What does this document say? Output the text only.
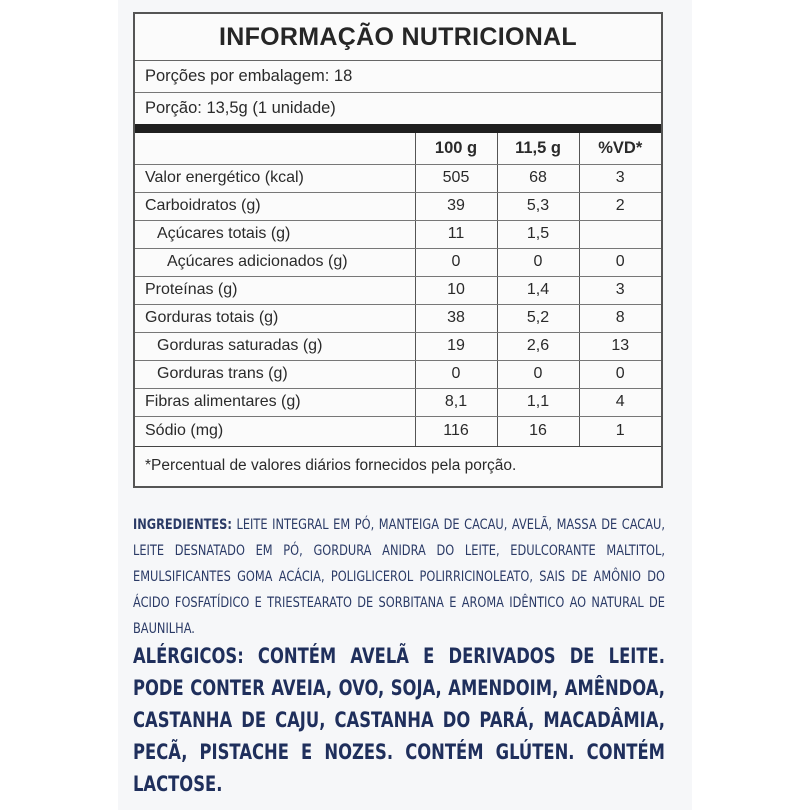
INFORMAÇÃO NUTRICIONAL
Porções por embalagem: 18
Porção: 13,5g (1 unidade)
	100 g	11,5 g	%VD*
Valor energético (kcal)	505	68	3
Carboidratos (g)	39	5,3	2
Açúcares totais (g)	11	1,5	
Açúcares adicionados (g)	0	0	0
Proteínas (g)	10	1,4	3
Gorduras totais (g)	38	5,2	8
Gorduras saturadas (g)	19	2,6	13
Gorduras trans (g)	0	0	0
Fibras alimentares (g)	8,1	1,1	4
Sódio (mg)	116	16	1
*Percentual de valores diários fornecidos pela porção.
INGREDIENTES: LEITE INTEGRAL EM PÓ, MANTEIGA DE CACAU, AVELÃ, MASSA DE CACAU, LEITE DESNATADO EM PÓ, GORDURA ANIDRA DO LEITE, EDULCORANTE MALTITOL, EMULSIFICANTES GOMA ACÁCIA, POLIGLICEROL POLIRRICINOLEATO, SAIS DE AMÔNIO DO ÁCIDO FOSFATÍDICO E TRIESTEARATO DE SORBITANA E AROMA IDÊNTICO AO NATURAL DE BAUNILHA.
ALÉRGICOS: CONTÉM AVELÃ E DERIVADOS DE LEITE. PODE CONTER AVEIA, OVO, SOJA, AMENDOIM, AMÊNDOA, CASTANHA DE CAJU, CASTANHA DO PARÁ, MACADÂMIA, PECÃ, PISTACHE E NOZES. CONTÉM GLÚTEN. CONTÉM LACTOSE.
